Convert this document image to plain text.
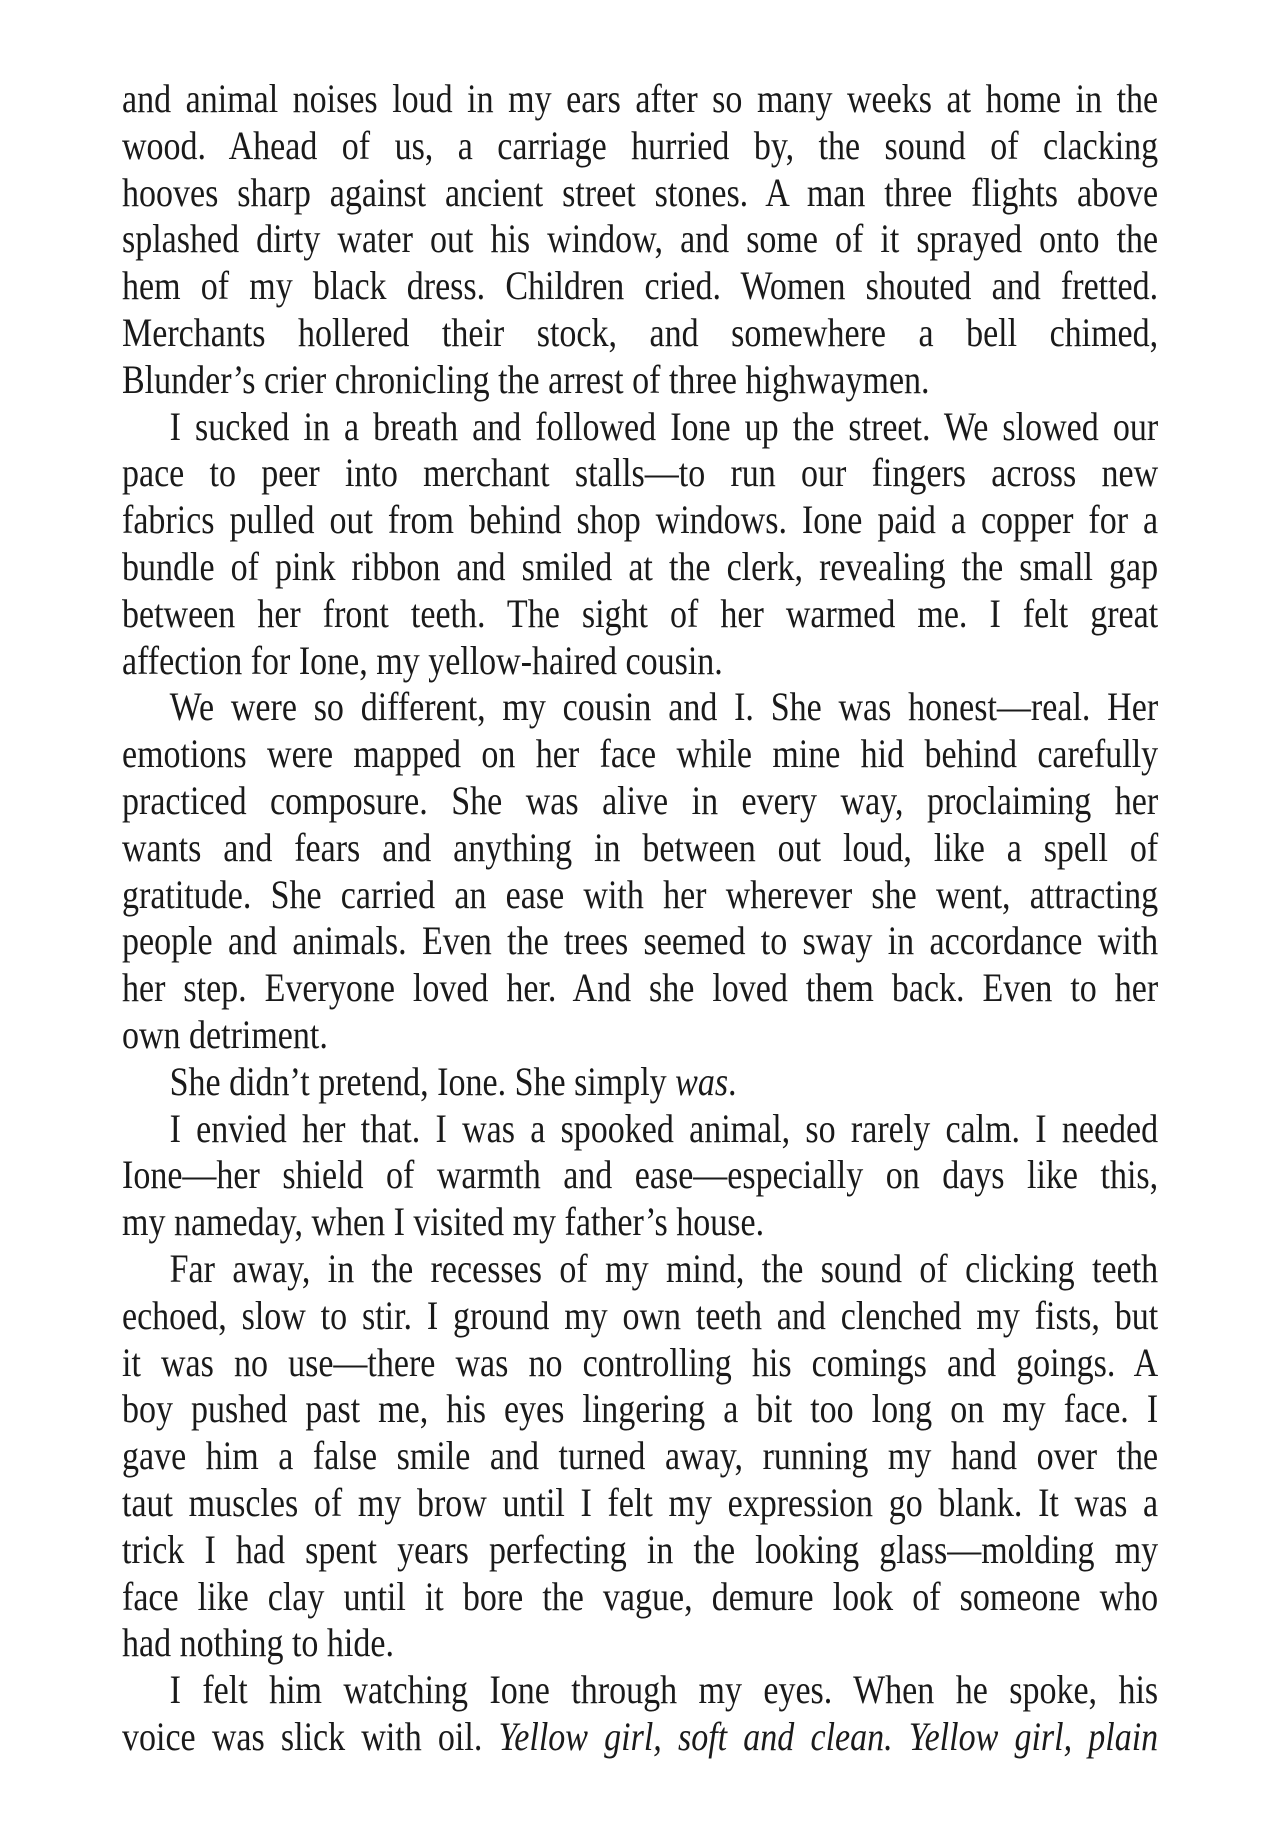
and animal noises loud in my ears after so many weeks at home in the
wood. Ahead of us, a carriage hurried by, the sound of clacking
hooves sharp against ancient street stones. A man three flights above
splashed dirty water out his window, and some of it sprayed onto the
hem of my black dress. Children cried. Women shouted and fretted.
Merchants hollered their stock, and somewhere a bell chimed,
Blunder’s crier chronicling the arrest of three highwaymen.
I sucked in a breath and followed Ione up the street. We slowed our
pace to peer into merchant stalls—to run our fingers across new
fabrics pulled out from behind shop windows. Ione paid a copper for a
bundle of pink ribbon and smiled at the clerk, revealing the small gap
between her front teeth. The sight of her warmed me. I felt great
affection for Ione, my yellow-haired cousin.
We were so different, my cousin and I. She was honest—real. Her
emotions were mapped on her face while mine hid behind carefully
practiced composure. She was alive in every way, proclaiming her
wants and fears and anything in between out loud, like a spell of
gratitude. She carried an ease with her wherever she went, attracting
people and animals. Even the trees seemed to sway in accordance with
her step. Everyone loved her. And she loved them back. Even to her
own detriment.
She didn’t pretend, Ione. She simply was.
I envied her that. I was a spooked animal, so rarely calm. I needed
Ione—her shield of warmth and ease—especially on days like this,
my nameday, when I visited my father’s house.
Far away, in the recesses of my mind, the sound of clicking teeth
echoed, slow to stir. I ground my own teeth and clenched my fists, but
it was no use—there was no controlling his comings and goings. A
boy pushed past me, his eyes lingering a bit too long on my face. I
gave him a false smile and turned away, running my hand over the
taut muscles of my brow until I felt my expression go blank. It was a
trick I had spent years perfecting in the looking glass—molding my
face like clay until it bore the vague, demure look of someone who
had nothing to hide.
I felt him watching Ione through my eyes. When he spoke, his
voice was slick with oil. Yellow girl, soft and clean. Yellow girl, plain
